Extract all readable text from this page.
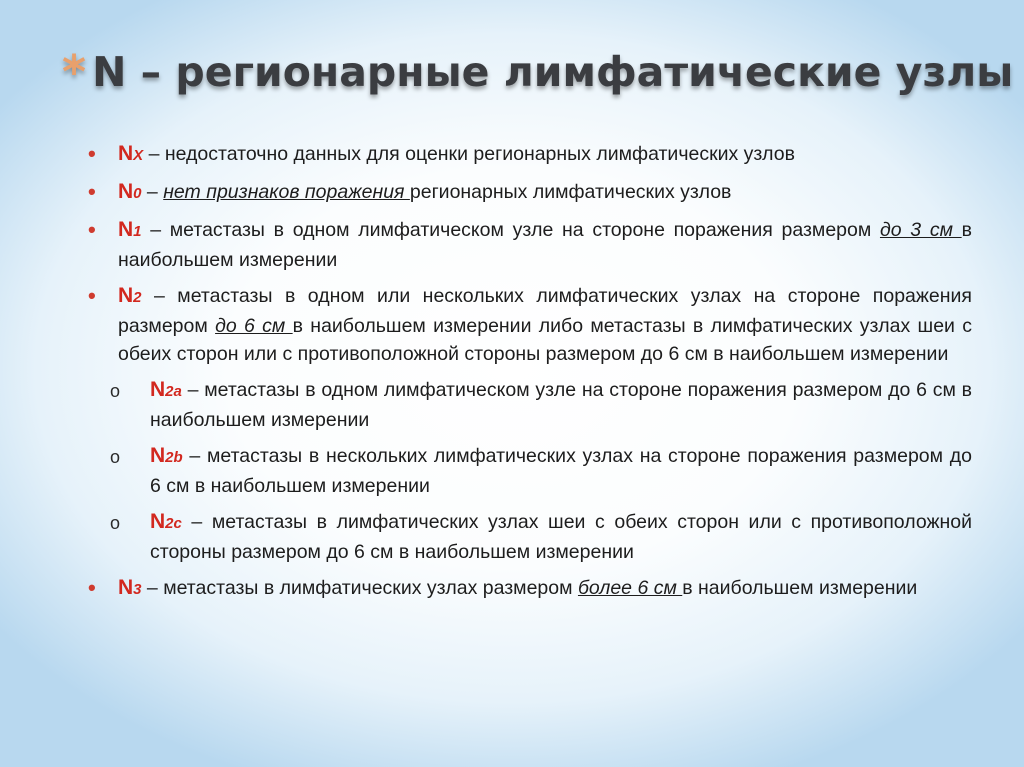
* N – регионарные лимфатические узлы
• NX – недостаточно данных для оценки регионарных лимфатических узлов
• N0 – нет признаков поражения регионарных лимфатических узлов
• N1 – метастазы в одном лимфатическом узле на стороне поражения размером до 3 см в наибольшем измерении
• N2 – метастазы в одном или нескольких лимфатических узлах на стороне поражения размером до 6 см в наибольшем измерении либо метастазы в лимфатических узлах шеи с обеих сторон или с противоположной стороны размером до 6 см в наибольшем измерении
o N2a – метастазы в одном лимфатическом узле на стороне поражения размером до 6 см в наибольшем измерении
o N2b – метастазы в нескольких лимфатических узлах на стороне поражения размером до 6 см в наибольшем измерении
o N2c – метастазы в лимфатических узлах шеи с обеих сторон или с противоположной стороны размером до 6 см в наибольшем измерении
• N3 – метастазы в лимфатических узлах размером более 6 см в наибольшем измерении
